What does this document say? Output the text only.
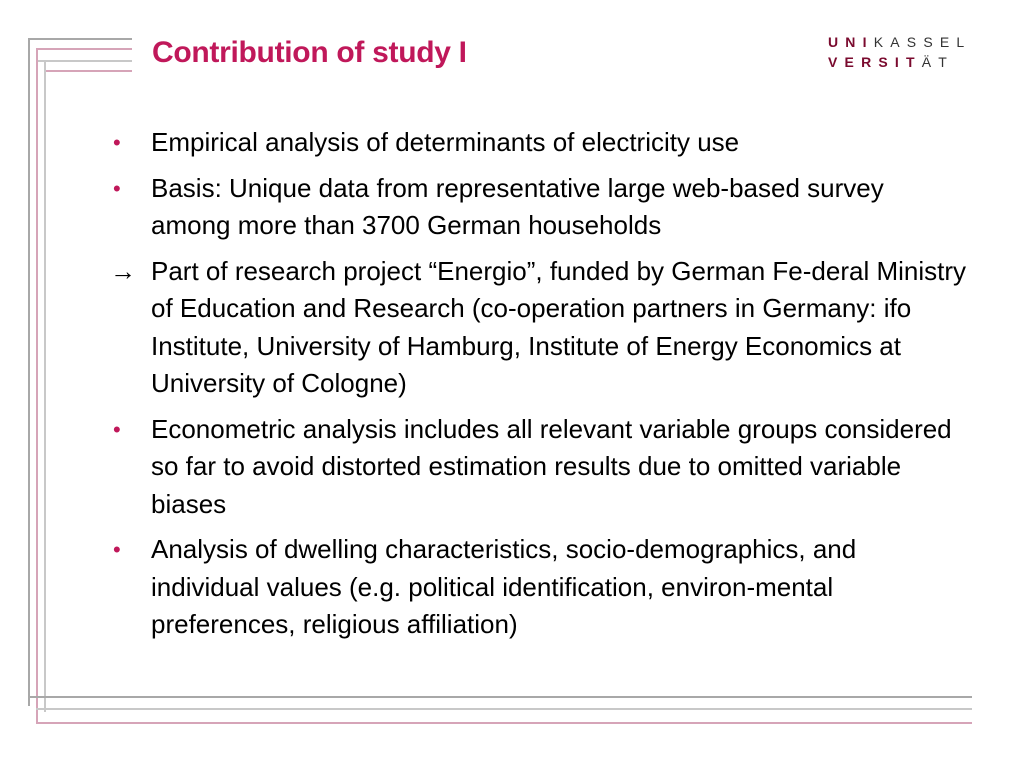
Contribution of study I	UNIKASSEL
VERSITÄT
•	Empirical analysis of determinants of electricity use
•	Basis: Unique data from representative large web-based survey among more than 3700 German households
→ Part of research project “Energio”, funded by German Fe-deral Ministry of Education and Research (co-operation partners in Germany: ifo Institute, University of Hamburg, Institute of Energy Economics at University of Cologne)
•	Econometric analysis includes all relevant variable groups considered so far to avoid distorted estimation results due to omitted variable biases
•	Analysis of dwelling characteristics, socio-demographics, and individual values (e.g. political identification, environ-mental preferences, religious affiliation)
